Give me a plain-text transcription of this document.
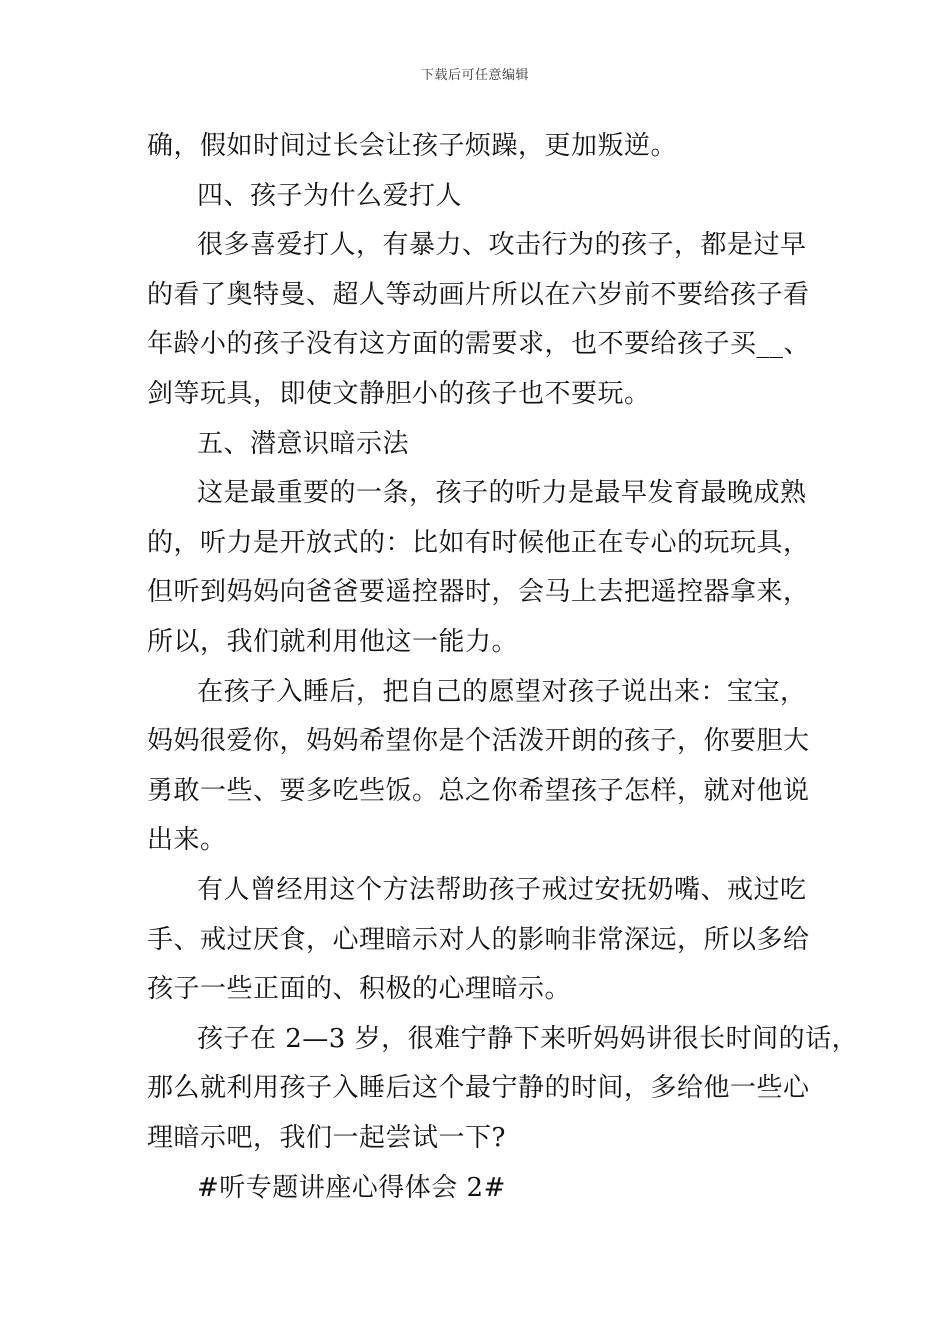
下载后可任意编辑
确，假如时间过长会让孩子烦躁，更加叛逆。
四、孩子为什么爱打人
很多喜爱打人，有暴力、攻击行为的孩子，都是过早
的看了奥特曼、超人等动画片所以在六岁前不要给孩子看
年龄小的孩子没有这方面的需要求，也不要给孩子买__、
剑等玩具，即使文静胆小的孩子也不要玩。
五、潜意识暗示法
这是最重要的一条，孩子的听力是最早发育最晚成熟
的，听力是开放式的：比如有时候他正在专心的玩玩具，
但听到妈妈向爸爸要遥控器时，会马上去把遥控器拿来，
所以，我们就利用他这一能力。
在孩子入睡后，把自己的愿望对孩子说出来：宝宝，
妈妈很爱你，妈妈希望你是个活泼开朗的孩子，你要胆大
勇敢一些、要多吃些饭。总之你希望孩子怎样，就对他说
出来。
有人曾经用这个方法帮助孩子戒过安抚奶嘴、戒过吃
手、戒过厌食，心理暗示对人的影响非常深远，所以多给
孩子一些正面的、积极的心理暗示。
孩子在 2—3 岁，很难宁静下来听妈妈讲很长时间的话，
那么就利用孩子入睡后这个最宁静的时间，多给他一些心
理暗示吧，我们一起尝试一下?
#听专题讲座心得体会 2#
